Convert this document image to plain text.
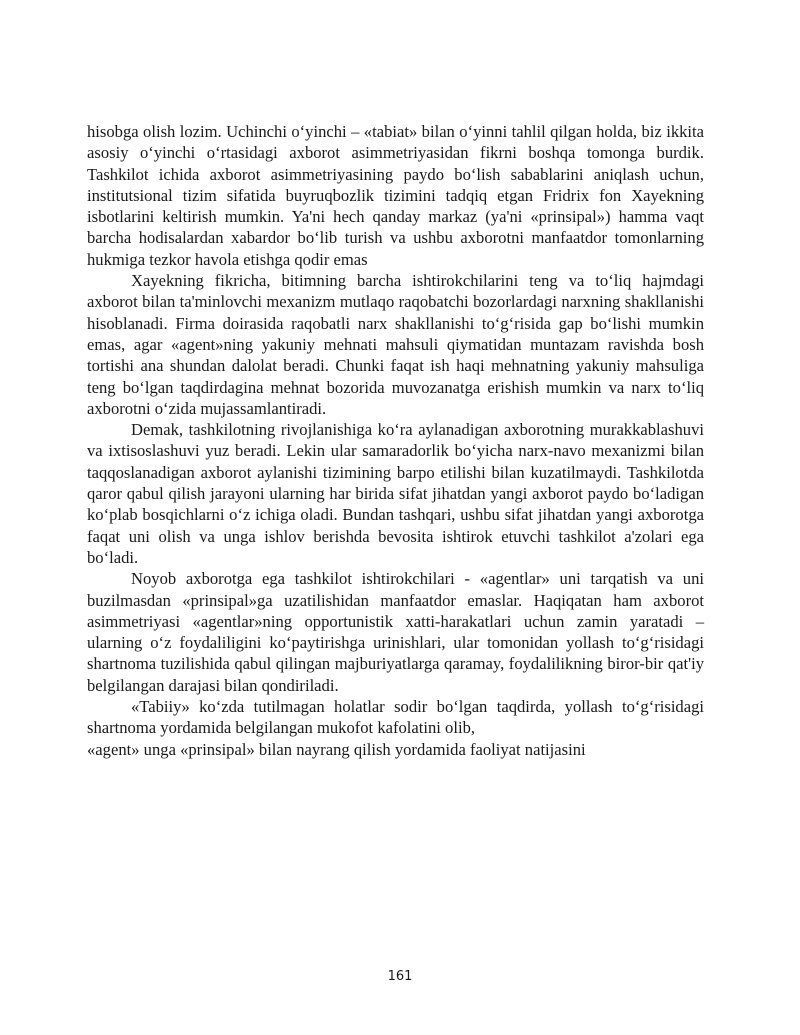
hisobga olish lozim. Uchinchi o‘yinchi – «tabiat» bilan o‘yinni tahlil qilgan holda, biz ikkita asosiy o‘yinchi o‘rtasidagi axborot asimmetriyasidan fikrni boshqa tomonga burdik. Tashkilot ichida axborot asimmetriyasining paydo bo‘lish sabablarini aniqlash uchun, institutsional tizim sifatida buyruqbozlik tizimini tadqiq etgan Fridrix fon Xayekning isbotlarini keltirish mumkin. Ya'ni hech qanday markaz (ya'ni «prinsipal») hamma vaqt barcha hodisalardan xabardor bo‘lib turish va ushbu axborotni manfaatdor tomonlarning hukmiga tezkor havola etishga qodir emas

Xayekning fikricha, bitimning barcha ishtirokchilarini teng va to‘liq hajmdagi axborot bilan ta'minlovchi mexanizm mutlaqo raqobatchi bozorlardagi narxning shakllanishi hisoblanadi. Firma doirasida raqobatli narx shakllanishi to‘g‘risida gap bo‘lishi mumkin emas, agar «agent»ning yakuniy mehnati mahsuli qiymatidan muntazam ravishda bosh tortishi ana shundan dalolat beradi. Chunki faqat ish haqi mehnatning yakuniy mahsuliga teng bo‘lgan taqdirdagina mehnat bozorida muvozanatga erishish mumkin va narx to‘liq axborotni o‘zida mujassamlantiradi.

Demak, tashkilotning rivojlanishiga ko‘ra aylanadigan axborotning murakkablashuvi va ixtisoslashuvi yuz beradi. Lekin ular samaradorlik bo‘yicha narx-navo mexanizmi bilan taqqoslanadigan axborot aylanishi tizimining barpo etilishi bilan kuzatilmaydi. Tashkilotda qaror qabul qilish jarayoni ularning har birida sifat jihatdan yangi axborot paydo bo‘ladigan ko‘plab bosqichlarni o‘z ichiga oladi. Bundan tashqari, ushbu sifat jihatdan yangi axborotga faqat uni olish va unga ishlov berishda bevosita ishtirok etuvchi tashkilot a'zolari ega bo‘ladi.

Noyob axborotga ega tashkilot ishtirokchilari - «agentlar» uni tarqatish va uni buzilmasdan «prinsipal»ga uzatilishidan manfaatdor emaslar. Haqiqatan ham axborot asimmetriyasi «agentlar»ning opportunistik xatti-harakatlari uchun zamin yaratadi – ularning o‘z foydaliligini ko‘paytirishga urinishlari, ular tomonidan yollash to‘g‘risidagi shartnoma tuzilishida qabul qilingan majburiyatlarga qaramay, foydalilikning biror-bir qat'iy belgilangan darajasi bilan qondiriladi.

«Tabiiy» ko‘zda tutilmagan holatlar sodir bo‘lgan taqdirda, yollash to‘g‘risidagi shartnoma yordamida belgilangan mukofot kafolatini olib,

«agent» unga «prinsipal» bilan nayrang qilish yordamida faoliyat natijasini

161
